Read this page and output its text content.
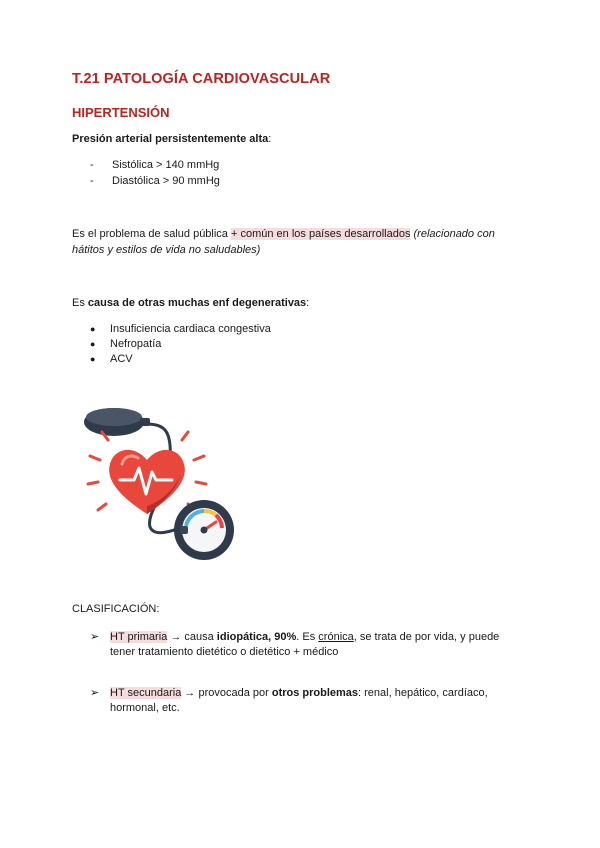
T.21 PATOLOGÍA CARDIOVASCULAR
HIPERTENSIÓN
Presión arterial persistentemente alta:
- Sistólica > 140 mmHg
- Diastólica > 90 mmHg
Es el problema de salud pública + común en los países desarrollados (relacionado con
hátitos y estilos de vida no saludables)
Es causa de otras muchas enf degenerativas:
● Insuficiencia cardiaca congestiva
● Nefropatía
● ACV
CLASIFICACIÓN:
➢ HT primaria → causa idiopática, 90%. Es crónica, se trata de por vida, y puede
tener tratamiento dietético o dietético + médico
➢ HT secundaria → provocada por otros problemas: renal, hepático, cardíaco,
hormonal, etc.
